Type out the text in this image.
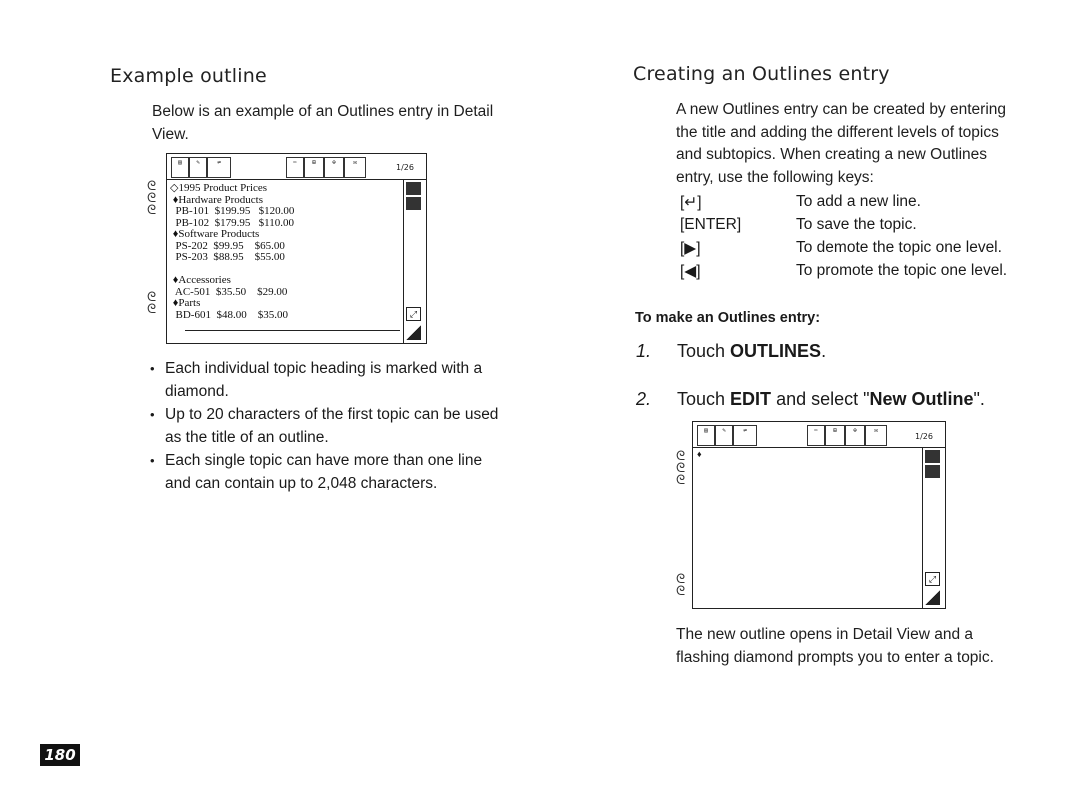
Example outline
Below is an example of an Outlines entry in Detail
View.
ᘓ
ᘓ
ᘓ
ᘓ
ᘓ
▤	✎	⇌	✂	⊞	⊕	✉
1/26
◇1995 Product Prices
♦Hardware Products
PB-101  $199.95   $120.00
PB-102  $179.95   $110.00
♦Software Products
PS-202  $99.95    $65.00
PS-203  $88.95    $55.00
♦Accessories
AC-501  $35.50    $29.00
♦Parts
BD-601  $48.00    $35.00	⤢
• Each individual topic heading is marked with a
diamond.
• Up to 20 characters of the first topic can be used
as the title of an outline.
• Each single topic can have more than one line
and can contain up to 2,048 characters.
Creating an Outlines entry
A new Outlines entry can be created by entering
the title and adding the different levels of topics
and subtopics. When creating a new Outlines
entry, use the following keys:
[↵]	To add a new line.
[ENTER]	To save the topic.
[▶]	To demote the topic one level.
[◀]	To promote the topic one level.
To make an Outlines entry:
1. Touch OUTLINES.
2. Touch EDIT and select "New Outline".
ᘓ
ᘓ
ᘓ
ᘓ
ᘓ
▤	✎	⇌	✂	⊞	⊕	✉
1/26
♦
⤢
The new outline opens in Detail View and a
flashing diamond prompts you to enter a topic.
180
